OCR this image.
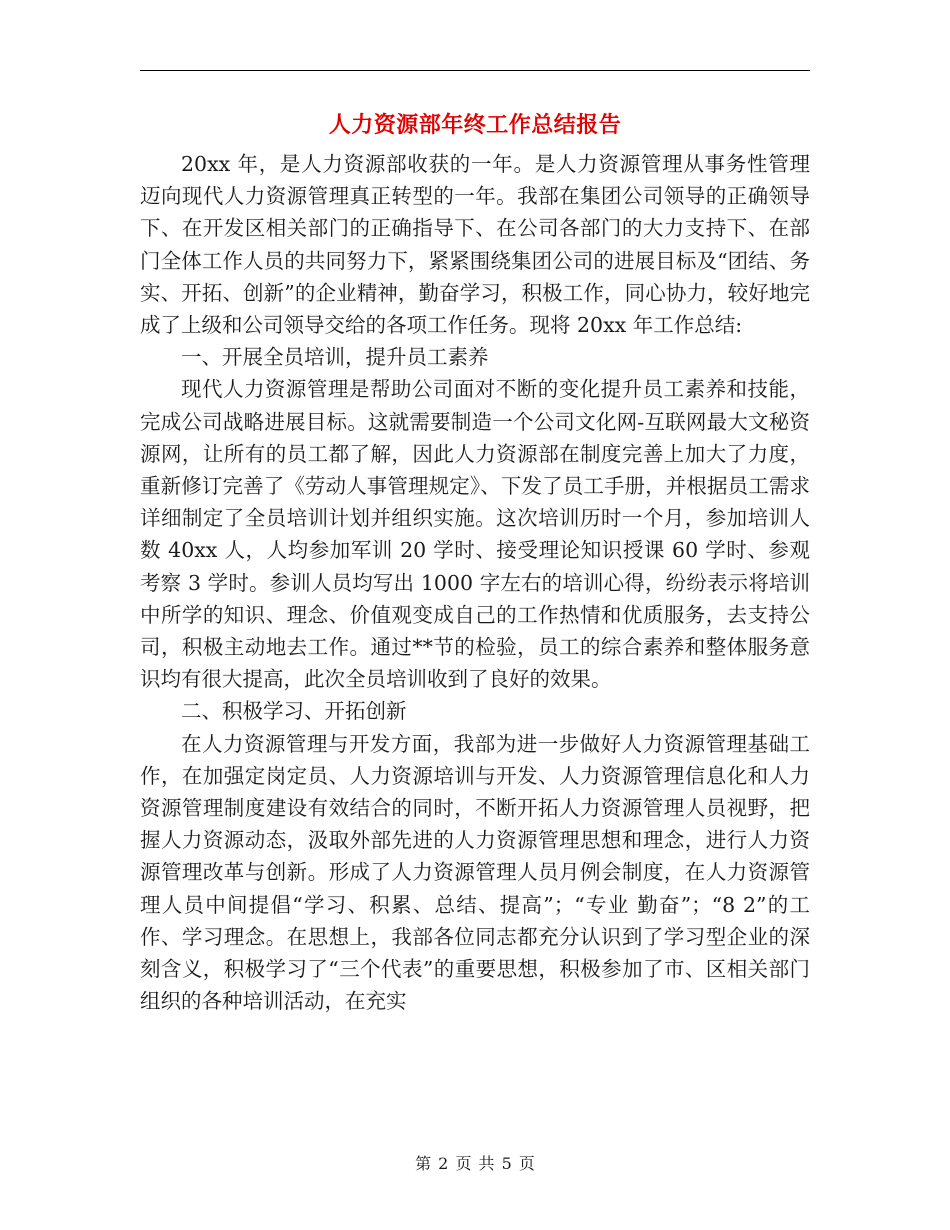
人力资源部年终工作总结报告

20xx 年，是人力资源部收获的一年。是人力资源管理从事务性管理迈向现代人力资源管理真正转型的一年。我部在集团公司领导的正确领导下、在开发区相关部门的正确指导下、在公司各部门的大力支持下、在部门全体工作人员的共同努力下，紧紧围绕集团公司的进展目标及“团结、务实、开拓、创新”的企业精神，勤奋学习，积极工作，同心协力，较好地完成了上级和公司领导交给的各项工作任务。现将 20xx 年工作总结:

一、开展全员培训，提升员工素养

现代人力资源管理是帮助公司面对不断的变化提升员工素养和技能，完成公司战略进展目标。这就需要制造一个公司文化网-互联网最大文秘资源网，让所有的员工都了解，因此人力资源部在制度完善上加大了力度，重新修订完善了《劳动人事管理规定》、下发了员工手册，并根据员工需求详细制定了全员培训计划并组织实施。这次培训历时一个月，参加培训人数 40xx 人，人均参加军训 20 学时、接受理论知识授课 60 学时、参观考察 3 学时。参训人员均写出 1000 字左右的培训心得，纷纷表示将培训中所学的知识、理念、价值观变成自己的工作热情和优质服务，去支持公司，积极主动地去工作。通过**节的检验，员工的综合素养和整体服务意识均有很大提高，此次全员培训收到了良好的效果。

二、积极学习、开拓创新

在人力资源管理与开发方面，我部为进一步做好人力资源管理基础工作，在加强定岗定员、人力资源培训与开发、人力资源管理信息化和人力资源管理制度建设有效结合的同时，不断开拓人力资源管理人员视野，把握人力资源动态，汲取外部先进的人力资源管理思想和理念，进行人力资源管理改革与创新。形成了人力资源管理人员月例会制度，在人力资源管理人员中间提倡“学习、积累、总结、提高”；“专业 勤奋”；“8 2”的工作、学习理念。在思想上，我部各位同志都充分认识到了学习型企业的深刻含义，积极学习了“三个代表”的重要思想，积极参加了市、区相关部门组织的各种培训活动，在充实

第 2 页 共 5 页
